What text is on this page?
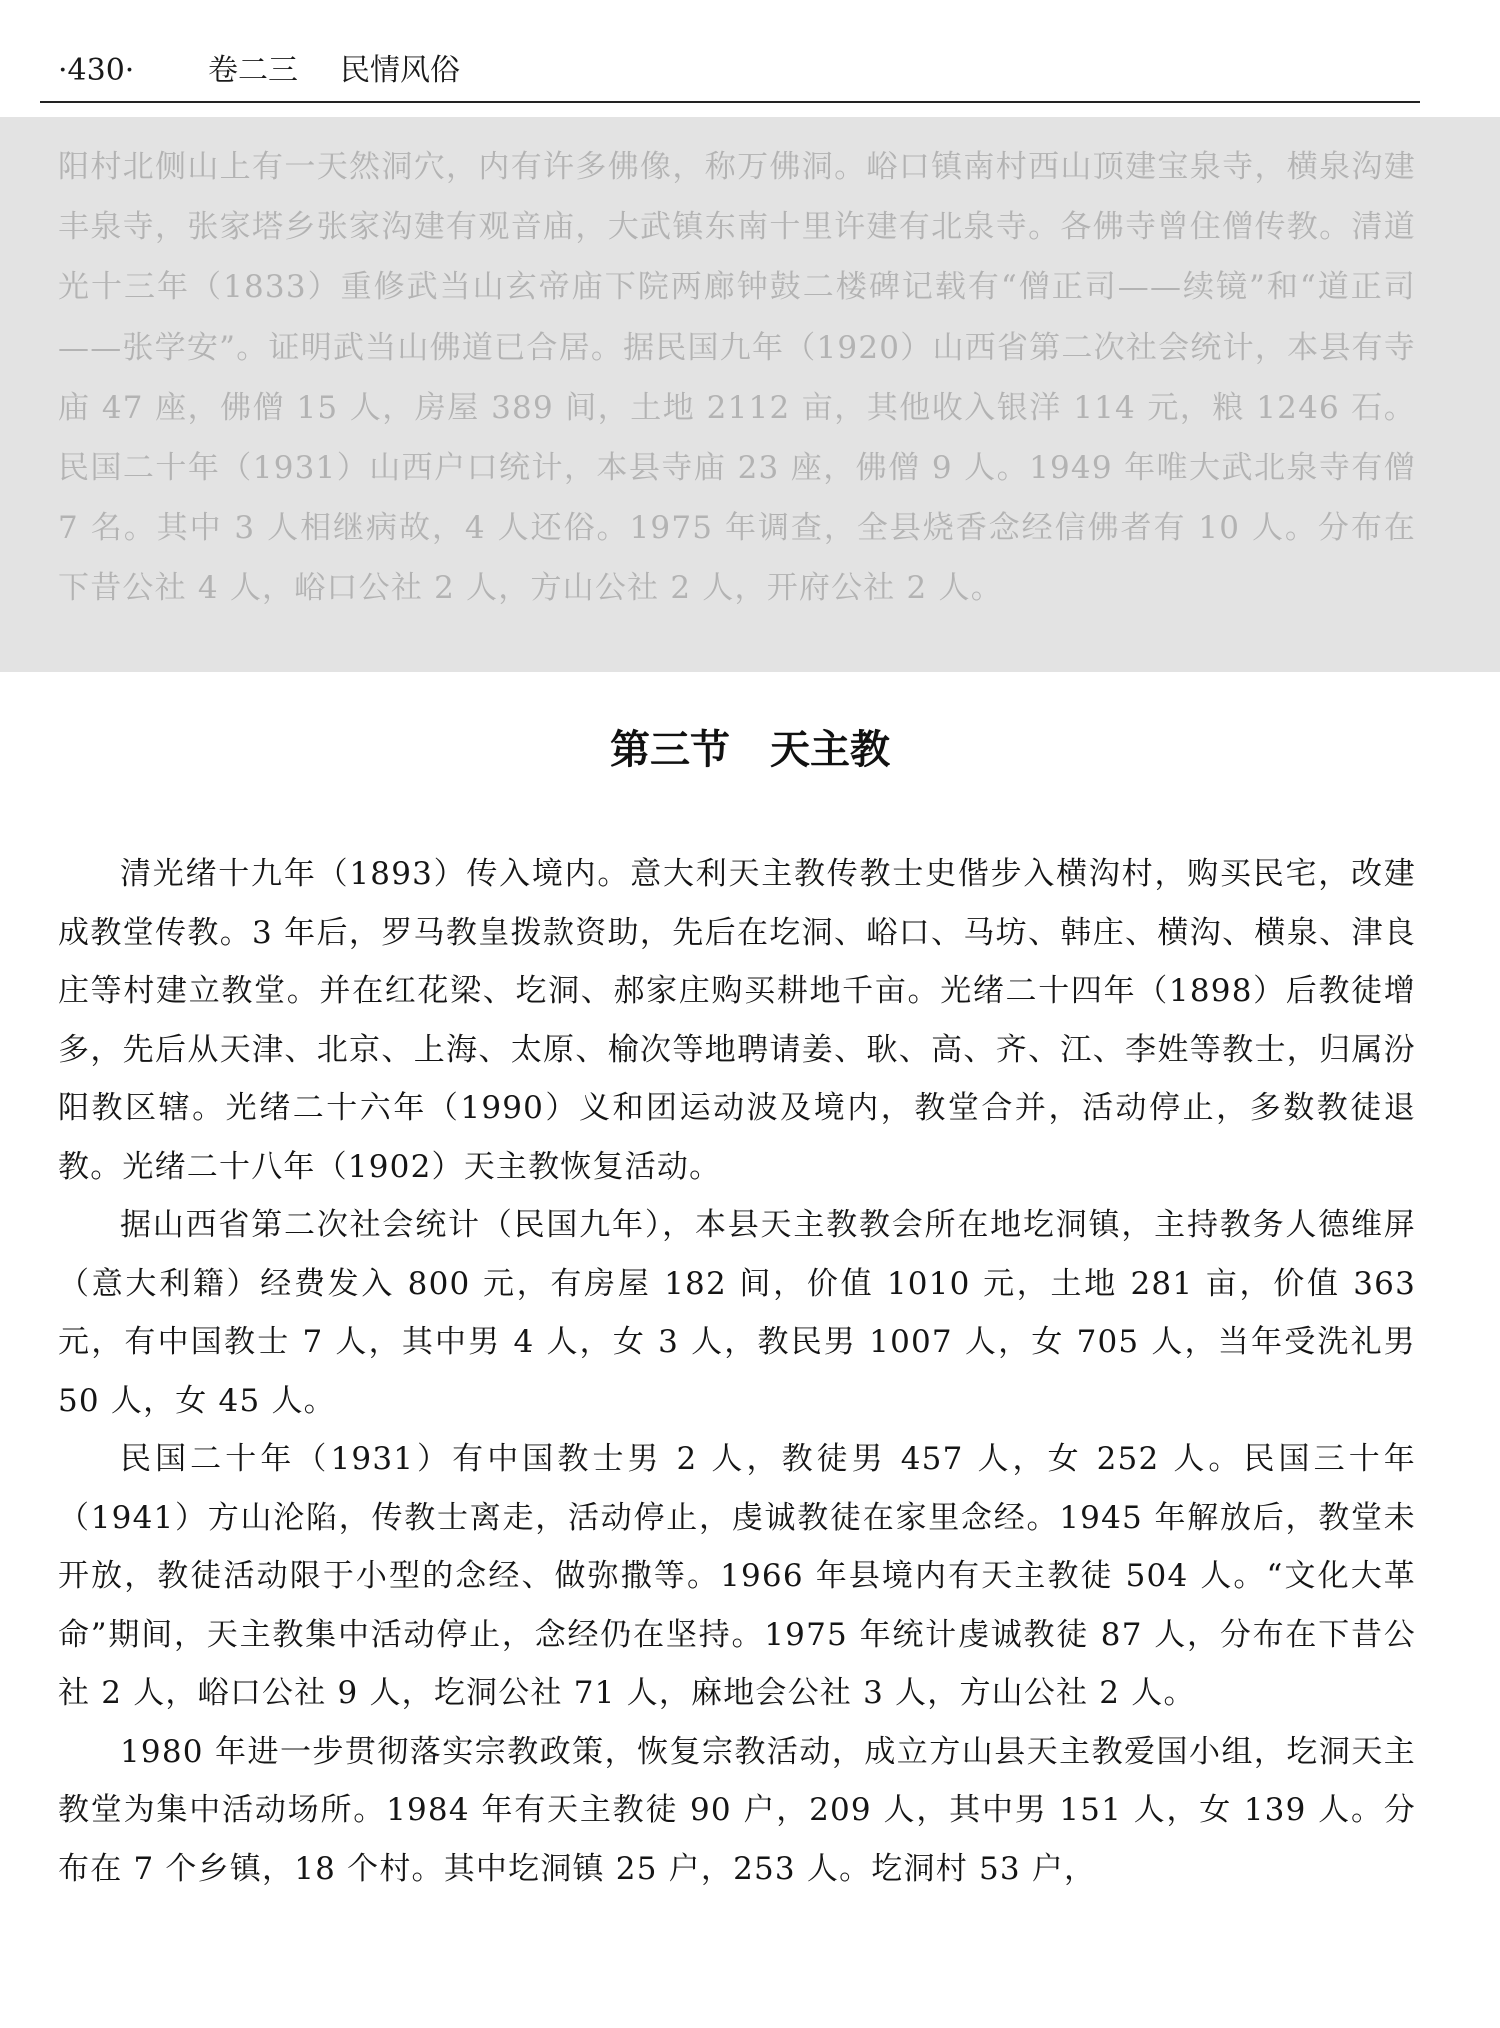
·430· 卷二三 民情风俗

阳村北侧山上有一天然洞穴，内有许多佛像，称万佛洞。峪口镇南村西山顶建宝泉寺，横泉沟建丰泉寺，张家塔乡张家沟建有观音庙，大武镇东南十里许建有北泉寺。各佛寺曾住僧传教。清道光十三年（1833）重修武当山玄帝庙下院两廊钟鼓二楼碑记载有“僧正司——续镜”和“道正司——张学安”。证明武当山佛道已合居。据民国九年（1920）山西省第二次社会统计，本县有寺庙 47 座，佛僧 15 人，房屋 389 间，土地 2112 亩，其他收入银洋 114 元，粮 1246 石。民国二十年（1931）山西户口统计，本县寺庙 23 座，佛僧 9 人。1949 年唯大武北泉寺有僧 7 名。其中 3 人相继病故，4 人还俗。1975 年调查，全县烧香念经信佛者有 10 人。分布在下昔公社 4 人，峪口公社 2 人，方山公社 2 人，开府公社 2 人。

第三节　天主教

清光绪十九年（1893）传入境内。意大利天主教传教士史偕步入横沟村，购买民宅，改建成教堂传教。3 年后，罗马教皇拨款资助，先后在圪洞、峪口、马坊、韩庄、横沟、横泉、津良庄等村建立教堂。并在红花梁、圪洞、郝家庄购买耕地千亩。光绪二十四年（1898）后教徒增多，先后从天津、北京、上海、太原、榆次等地聘请姜、耿、高、齐、江、李姓等教士，归属汾阳教区辖。光绪二十六年（1990）义和团运动波及境内，教堂合并，活动停止，多数教徒退教。光绪二十八年（1902）天主教恢复活动。

据山西省第二次社会统计（民国九年），本县天主教教会所在地圪洞镇，主持教务人德维屏（意大利籍）经费发入 800 元，有房屋 182 间，价值 1010 元，土地 281 亩，价值 363 元，有中国教士 7 人，其中男 4 人，女 3 人，教民男 1007 人，女 705 人，当年受洗礼男 50 人，女 45 人。

民国二十年（1931）有中国教士男 2 人，教徒男 457 人，女 252 人。民国三十年（1941）方山沦陷，传教士离走，活动停止，虔诚教徒在家里念经。1945 年解放后，教堂未开放，教徒活动限于小型的念经、做弥撒等。1966 年县境内有天主教徒 504 人。“文化大革命”期间，天主教集中活动停止，念经仍在坚持。1975 年统计虔诚教徒 87 人，分布在下昔公社 2 人，峪口公社 9 人，圪洞公社 71 人，麻地会公社 3 人，方山公社 2 人。

1980 年进一步贯彻落实宗教政策，恢复宗教活动，成立方山县天主教爱国小组，圪洞天主教堂为集中活动场所。1984 年有天主教徒 90 户，209 人，其中男 151 人，女 139 人。分布在 7 个乡镇，18 个村。其中圪洞镇 25 户，253 人。圪洞村 53 户，
